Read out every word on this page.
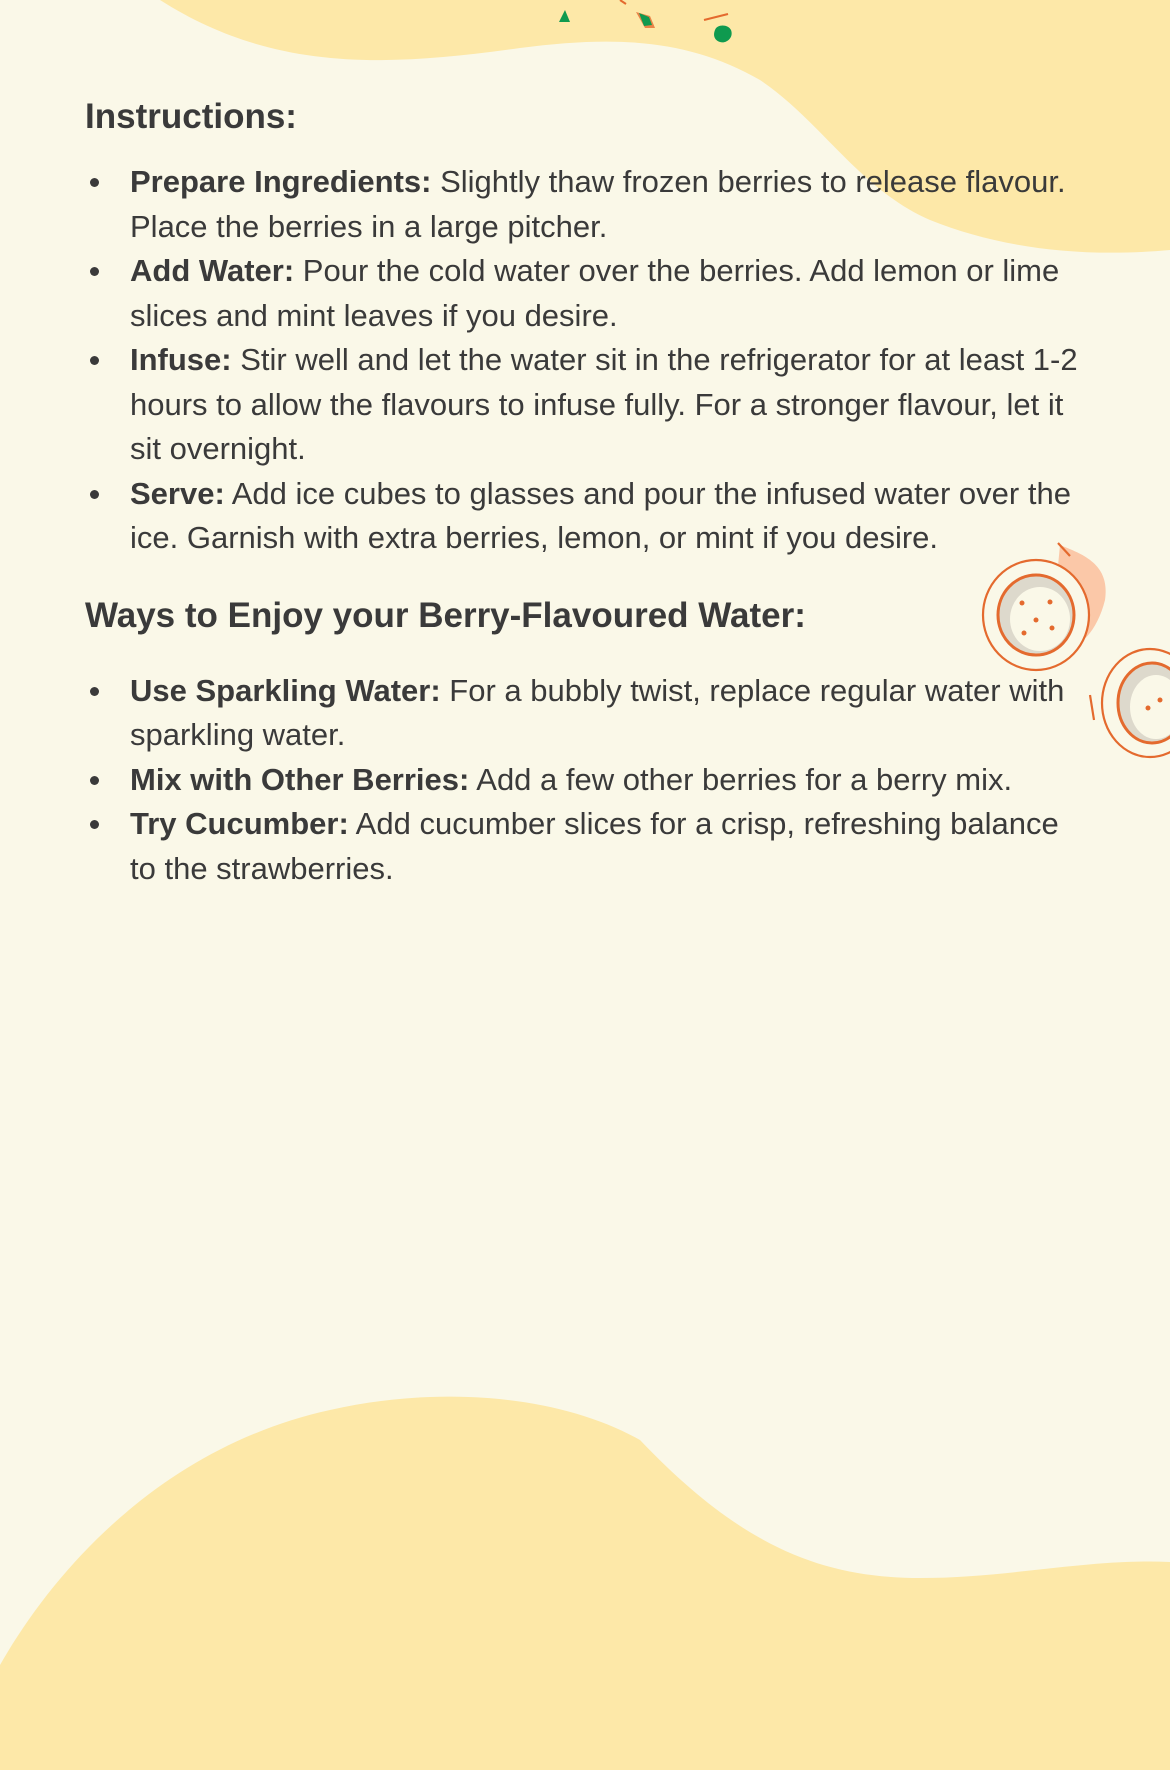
Instructions:
Prepare Ingredients: Slightly thaw frozen berries to release flavour. Place the berries in a large pitcher.
Add Water: Pour the cold water over the berries. Add lemon or lime slices and mint leaves if you desire.
Infuse: Stir well and let the water sit in the refrigerator for at least 1-2 hours to allow the flavours to infuse fully. For a stronger flavour, let it sit overnight.
Serve: Add ice cubes to glasses and pour the infused water over the ice. Garnish with extra berries, lemon, or mint if you desire.
Ways to Enjoy your Berry-Flavoured Water:
Use Sparkling Water: For a bubbly twist, replace regular water with sparkling water.
Mix with Other Berries: Add a few other berries for a berry mix.
Try Cucumber: Add cucumber slices for a crisp, refreshing balance to the strawberries.
